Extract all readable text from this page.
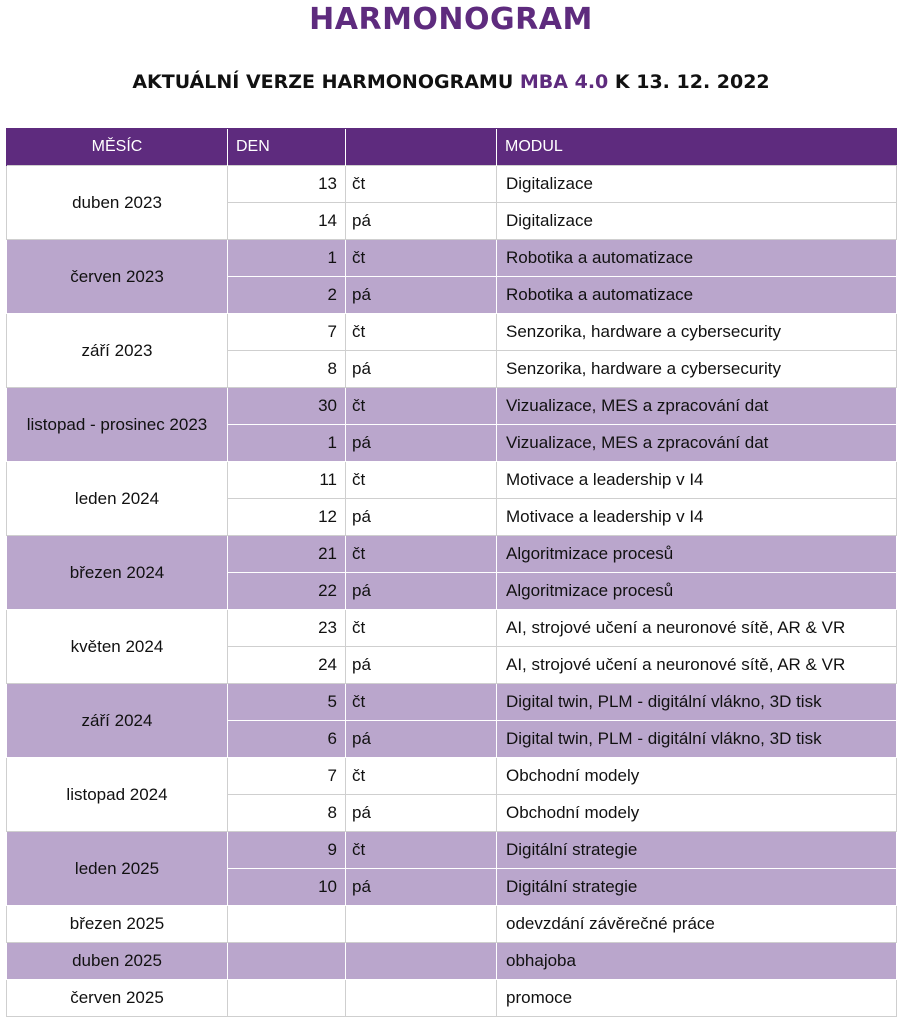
HARMONOGRAM
AKTUÁLNÍ VERZE HARMONOGRAMU MBA 4.0 K 13. 12. 2022
MĚSÍC	DEN		MODUL
duben 2023	13	čt	Digitalizace
	14	pá	Digitalizace
červen 2023	1	čt	Robotika a automatizace
	2	pá	Robotika a automatizace
září 2023	7	čt	Senzorika, hardware a cybersecurity
	8	pá	Senzorika, hardware a cybersecurity
listopad - prosinec 2023	30	čt	Vizualizace, MES a zpracování dat
	1	pá	Vizualizace, MES a zpracování dat
leden 2024	11	čt	Motivace a leadership v I4
	12	pá	Motivace a leadership v I4
březen 2024	21	čt	Algoritmizace procesů
	22	pá	Algoritmizace procesů
květen 2024	23	čt	AI, strojové učení a neuronové sítě, AR & VR
	24	pá	AI, strojové učení a neuronové sítě, AR & VR
září 2024	5	čt	Digital twin, PLM - digitální vlákno, 3D tisk
	6	pá	Digital twin, PLM - digitální vlákno, 3D tisk
listopad 2024	7	čt	Obchodní modely
	8	pá	Obchodní modely
leden 2025	9	čt	Digitální strategie
	10	pá	Digitální strategie
březen 2025			odevzdání závěrečné práce
duben 2025			obhajoba
červen 2025			promoce
